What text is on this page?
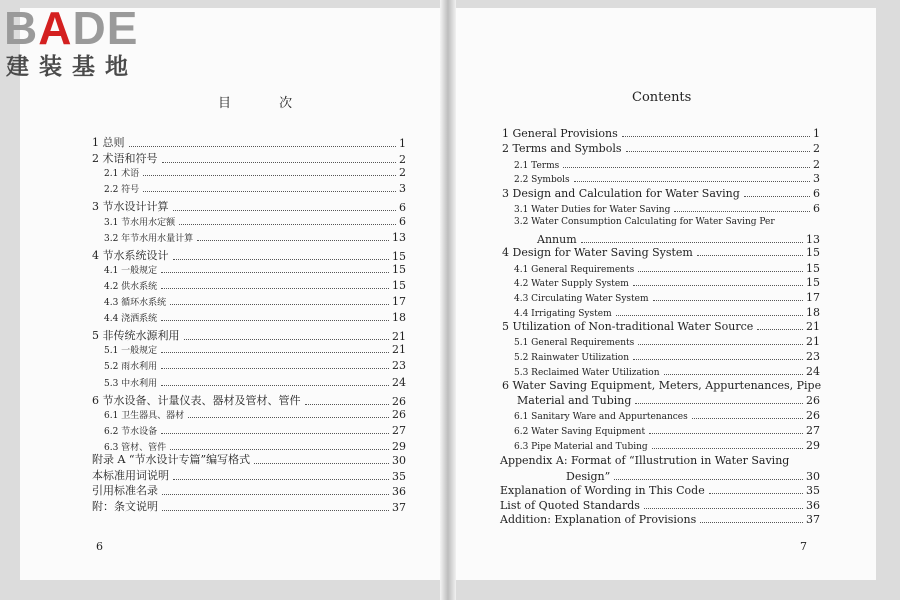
BADE
建装基地
目 次	Contents
1 总则	1
2 术语和符号	2
2.1 术语	2
2.2 符号	3
3 节水设计计算	6
3.1 节水用水定额	6
3.2 年节水用水量计算	13
4 节水系统设计	15
4.1 一般规定	15
4.2 供水系统	15
4.3 循环水系统	17
4.4 浇洒系统	18
5 非传统水源利用	21
5.1 一般规定	21
5.2 雨水利用	23
5.3 中水利用	24
6 节水设备、计量仪表、器材及管材、管件	26
6.1 卫生器具、器材	26
6.2 节水设备	27
6.3 管材、管件	29
附录 A “节水设计专篇”编写格式	30
本标准用词说明	35
引用标准名录	36
附：条文说明	37
1 General Provisions	1
2 Terms and Symbols	2
2.1 Terms	2
2.2 Symbols	3
3 Design and Calculation for Water Saving	6
3.1 Water Duties for Water Saving	6
3.2 Water Consumption Calculating for Water Saving Per
Annum	13
4 Design for Water Saving System	15
4.1 General Requirements	15
4.2 Water Supply System	15
4.3 Circulating Water System	17
4.4 Irrigating System	18
5 Utilization of Non-traditional Water Source	21
5.1 General Requirements	21
5.2 Rainwater Utilization	23
5.3 Reclaimed Water Utilization	24
6 Water Saving Equipment, Meters, Appurtenances, Pipe
Material and Tubing	26
6.1 Sanitary Ware and Appurtenances	26
6.2 Water Saving Equipment	27
6.3 Pipe Material and Tubing	29
Appendix A: Format of “Illustrution in Water Saving
Design”	30
Explanation of Wording in This Code	35
List of Quoted Standards	36
Addition: Explanation of Provisions	37
6	7
